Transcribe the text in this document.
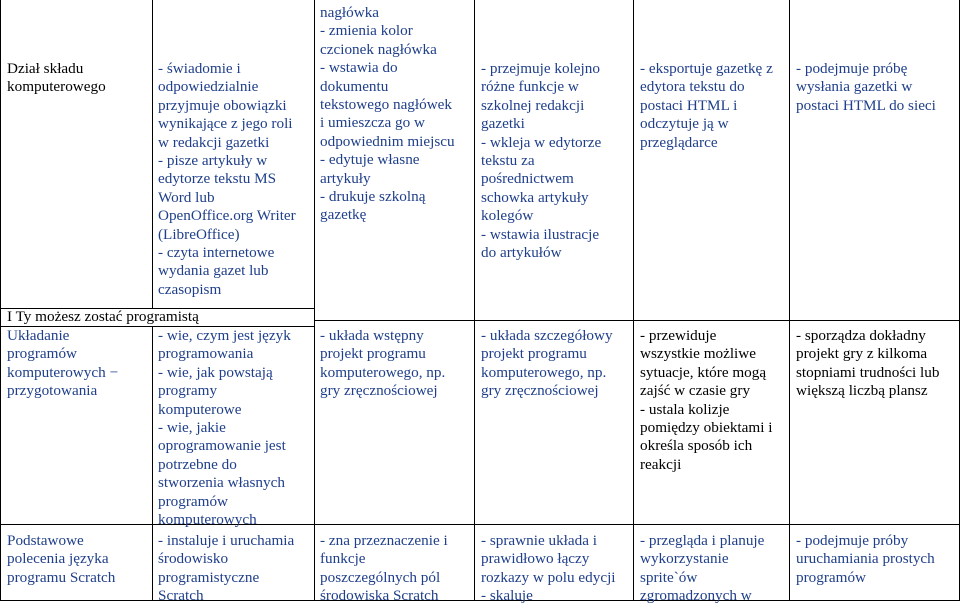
Dział składu
komputerowego
- świadomie i
odpowiedzialnie
przyjmuje obowiązki
wynikające z jego roli
w redakcji gazetki
- pisze artykuły w
edytorze tekstu MS
Word lub
OpenOffice.org Writer
(LibreOffice)
- czyta internetowe
wydania gazet lub
czasopism
nagłówka
- zmienia kolor
czcionek nagłówka
- wstawia do
dokumentu
tekstowego nagłówek
i umieszcza go w
odpowiednim miejscu
- edytuje własne
artykuły
- drukuje szkolną
gazetkę
- przejmuje kolejno
różne funkcje w
szkolnej redakcji
gazetki
- wkleja w edytorze
tekstu za
pośrednictwem
schowka artykuły
kolegów
- wstawia ilustracje
do artykułów
- eksportuje gazetkę z
edytora tekstu do
postaci HTML i
odczytuje ją w
przeglądarce
- podejmuje próbę
wysłania gazetki w
postaci HTML do sieci
I Ty możesz zostać programistą
Układanie
programów
komputerowych −
przygotowania
- wie, czym jest język
programowania
- wie, jak powstają
programy
komputerowe
- wie, jakie
oprogramowanie jest
potrzebne do
stworzenia własnych
programów
komputerowych
- układa wstępny
projekt programu
komputerowego, np.
gry zręcznościowej
- układa szczegółowy
projekt programu
komputerowego, np.
gry zręcznościowej
- przewiduje
wszystkie możliwe
sytuacje, które mogą
zajść w czasie gry
- ustala kolizje
pomiędzy obiektami i
określa sposób ich
reakcji
- sporządza dokładny
projekt gry z kilkoma
stopniami trudności lub
większą liczbą plansz
Podstawowe
polecenia języka
programu Scratch
- instaluje i uruchamia
środowisko
programistyczne
Scratch
- zna przeznaczenie i
funkcje
poszczególnych pól
środowiska Scratch
- sprawnie układa i
prawidłowo łączy
rozkazy w polu edycji
- skaluje
- przegląda i planuje
wykorzystanie
sprite`ów
zgromadzonych w
- podejmuje próby
uruchamiania prostych
programów
